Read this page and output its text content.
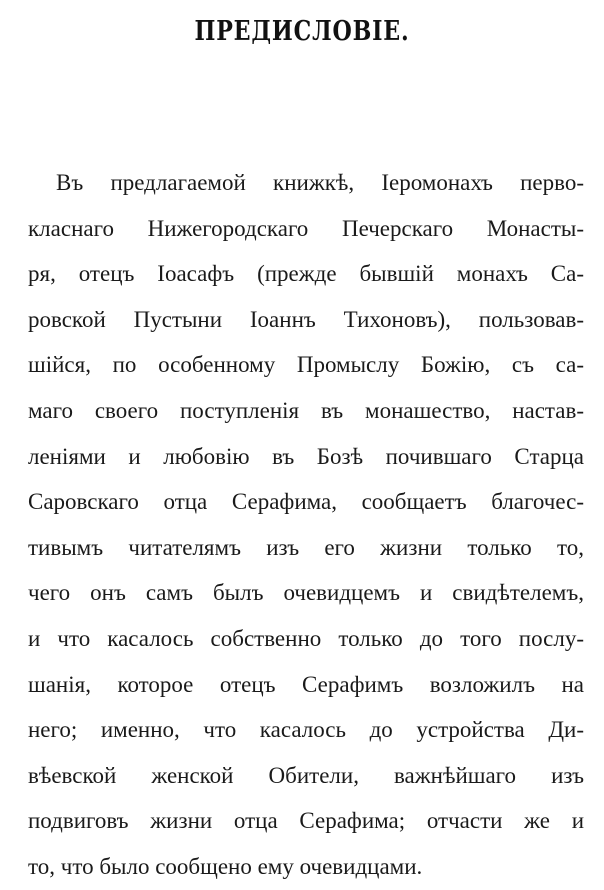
ПРЕДИСЛОВІЕ.
Въ предлагаемой книжкѣ, Іеромонахъ перво-
класнаго Нижегородскаго Печерскаго Монасты-
ря, отецъ Іоасафъ (прежде бывшій монахъ Са-
ровской Пустыни Іоаннъ Тихоновъ), пользовав-
шійся, по особенному Промыслу Божію, съ са-
маго своего поступленія въ монашество, настав-
леніями и любовію въ Бозѣ почившаго Старца
Саровскаго отца Серафима, сообщаетъ благочес-
тивымъ читателямъ изъ его жизни только то,
чего онъ самъ былъ очевидцемъ и свидѣтелемъ,
и что касалось собственно только до того послу-
шанія, которое отецъ Серафимъ возложилъ на
него; именно, что касалось до устройства Ди-
вѣевской женской Обители, важнѣйшаго изъ
подвиговъ жизни отца Серафима; отчасти же и
то, что было сообщено ему очевидцами.
